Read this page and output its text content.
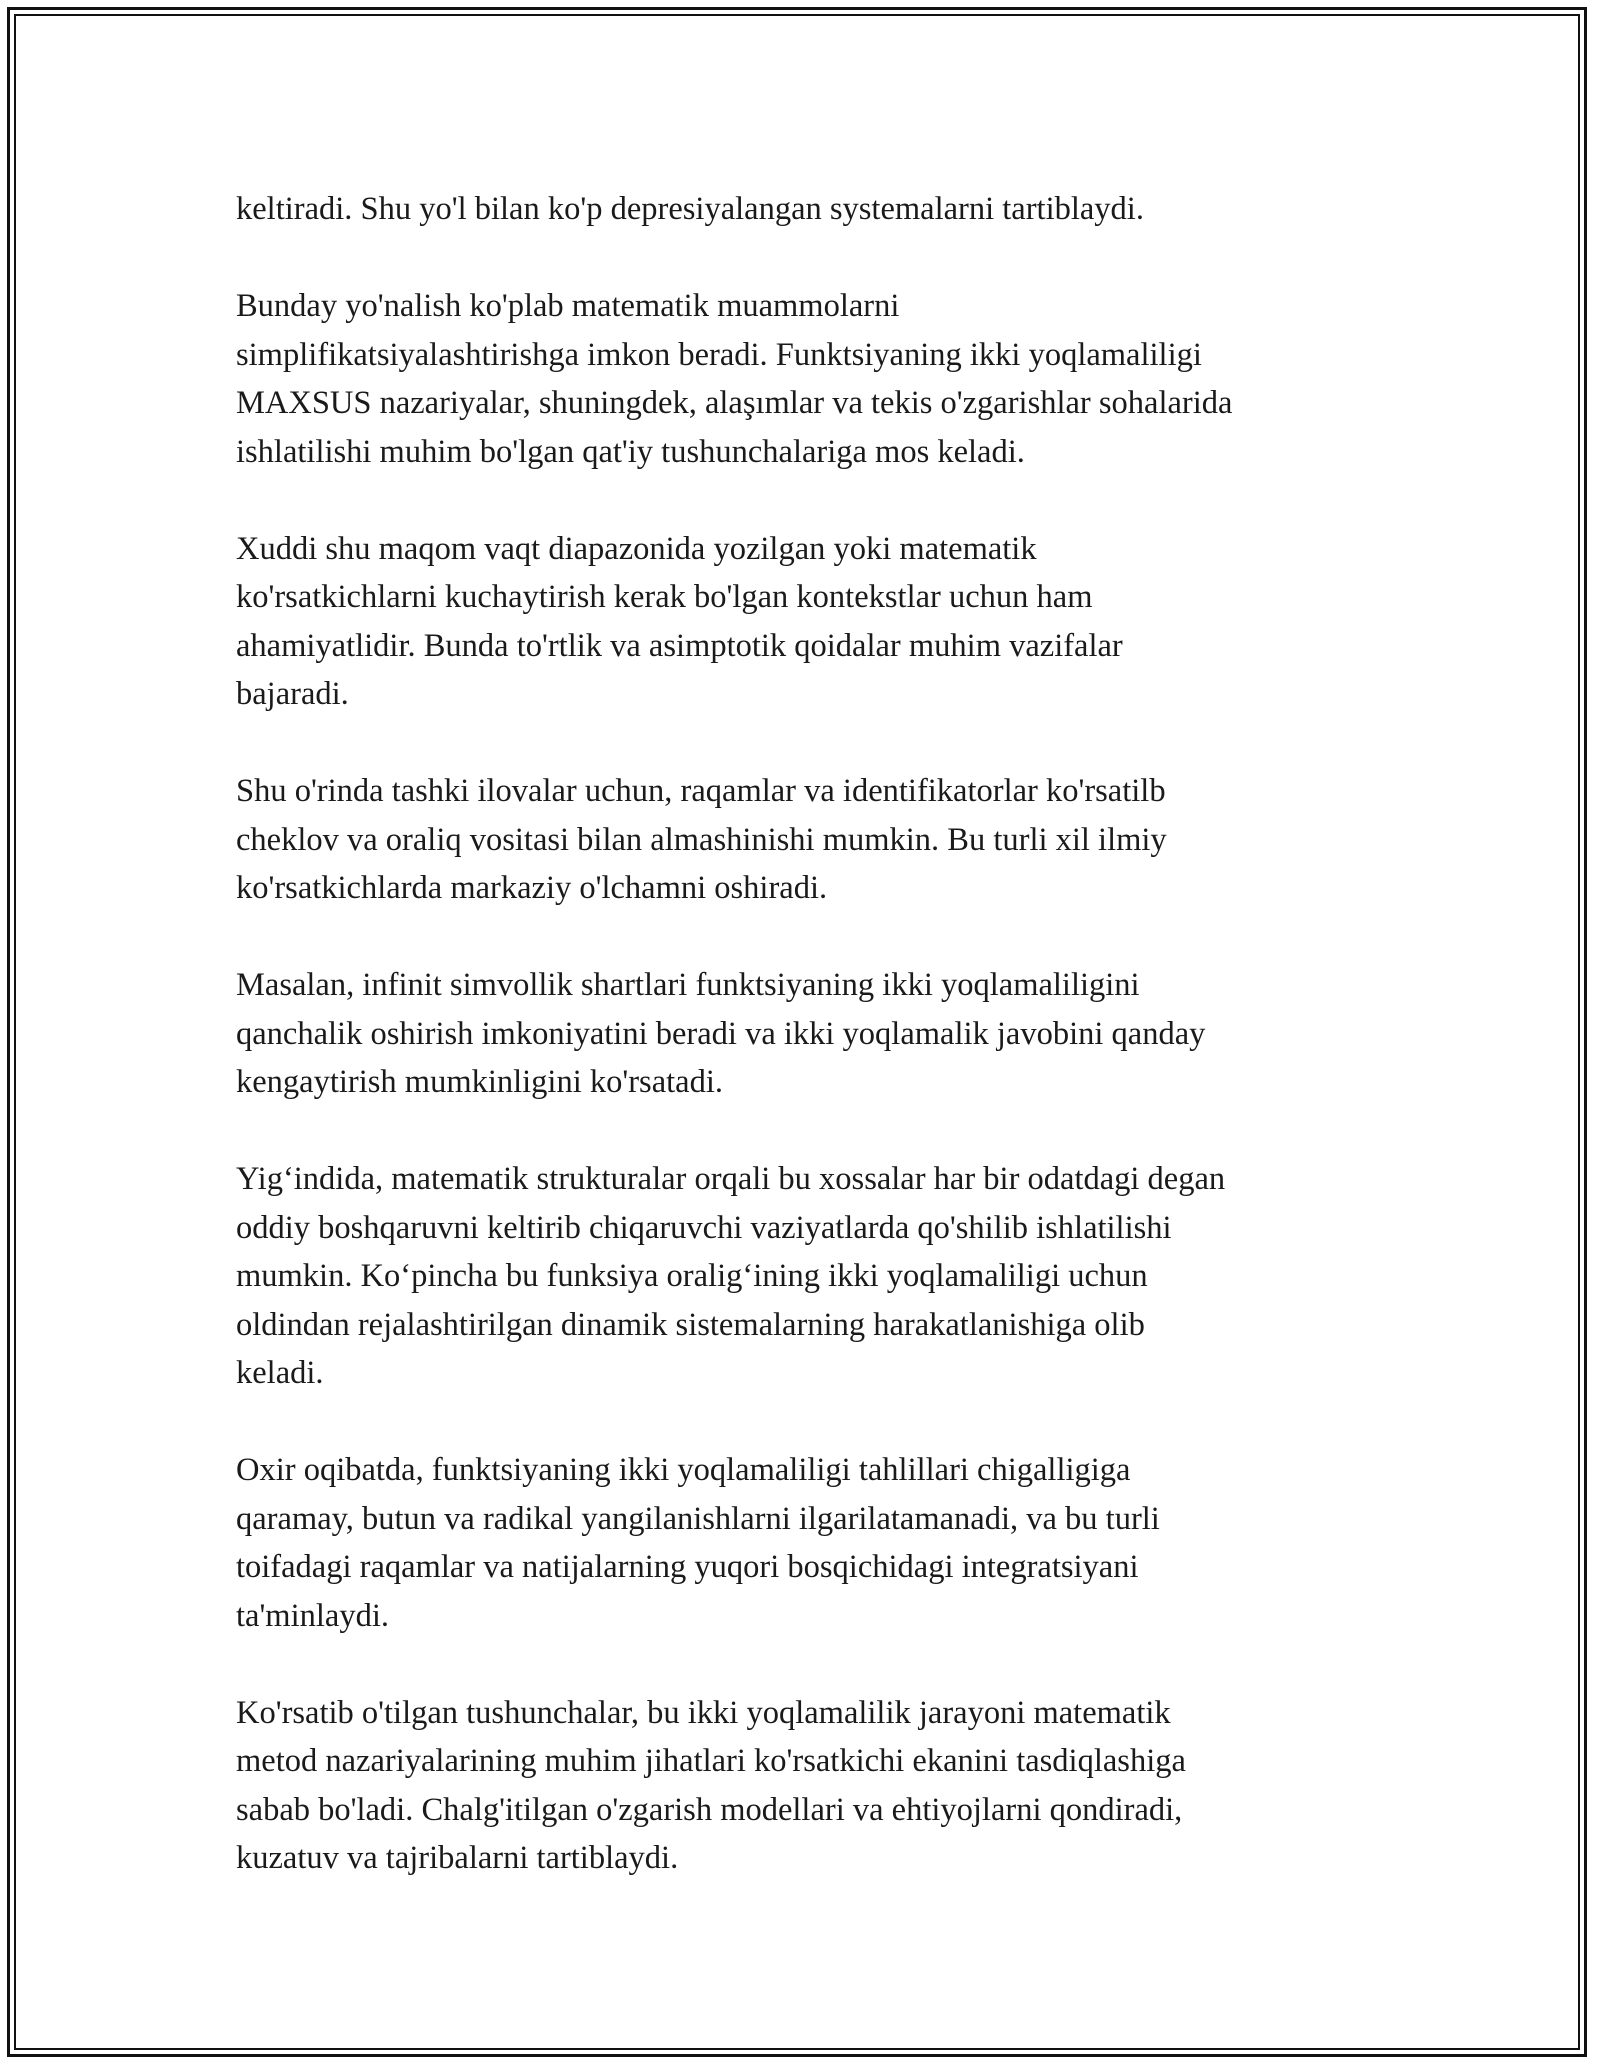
keltiradi. Shu yo'l bilan ko'p depresiyalangan systemalarni tartiblaydi.

Bunday yo'nalish ko'plab matematik muammolarni
simplifikatsiyalashtirishga imkon beradi. Funktsiyaning ikki yoqlamaliligi
MAXSUS nazariyalar, shuningdek, alaşımlar va tekis o'zgarishlar sohalarida
ishlatilishi muhim bo'lgan qat'iy tushunchalariga mos keladi.

Xuddi shu maqom vaqt diapazonida yozilgan yoki matematik
ko'rsatkichlarni kuchaytirish kerak bo'lgan kontekstlar uchun ham
ahamiyatlidir. Bunda to'rtlik va asimptotik qoidalar muhim vazifalar
bajaradi.

Shu o'rinda tashki ilovalar uchun, raqamlar va identifikatorlar ko'rsatilb
cheklov va oraliq vositasi bilan almashinishi mumkin. Bu turli xil ilmiy
ko'rsatkichlarda markaziy o'lchamni oshiradi.

Masalan, infinit simvollik shartlari funktsiyaning ikki yoqlamaliligini
qanchalik oshirish imkoniyatini beradi va ikki yoqlamalik javobini qanday
kengaytirish mumkinligini ko'rsatadi.

Yig‘indida, matematik strukturalar orqali bu xossalar har bir odatdagi degan
oddiy boshqaruvni keltirib chiqaruvchi vaziyatlarda qo'shilib ishlatilishi
mumkin. Ko‘pincha bu funksiya oralig‘ining ikki yoqlamaliligi uchun
oldindan rejalashtirilgan dinamik sistemalarning harakatlanishiga olib
keladi.

Oxir oqibatda, funktsiyaning ikki yoqlamaliligi tahlillari chigalligiga
qaramay, butun va radikal yangilanishlarni ilgarilatamanadi, va bu turli
toifadagi raqamlar va natijalarning yuqori bosqichidagi integratsiyani
ta'minlaydi.

Ko'rsatib o'tilgan tushunchalar, bu ikki yoqlamalilik jarayoni matematik
metod nazariyalarining muhim jihatlari ko'rsatkichi ekanini tasdiqlashiga
sabab bo'ladi. Chalg'itilgan o'zgarish modellari va ehtiyojlarni qondiradi,
kuzatuv va tajribalarni tartiblaydi.
